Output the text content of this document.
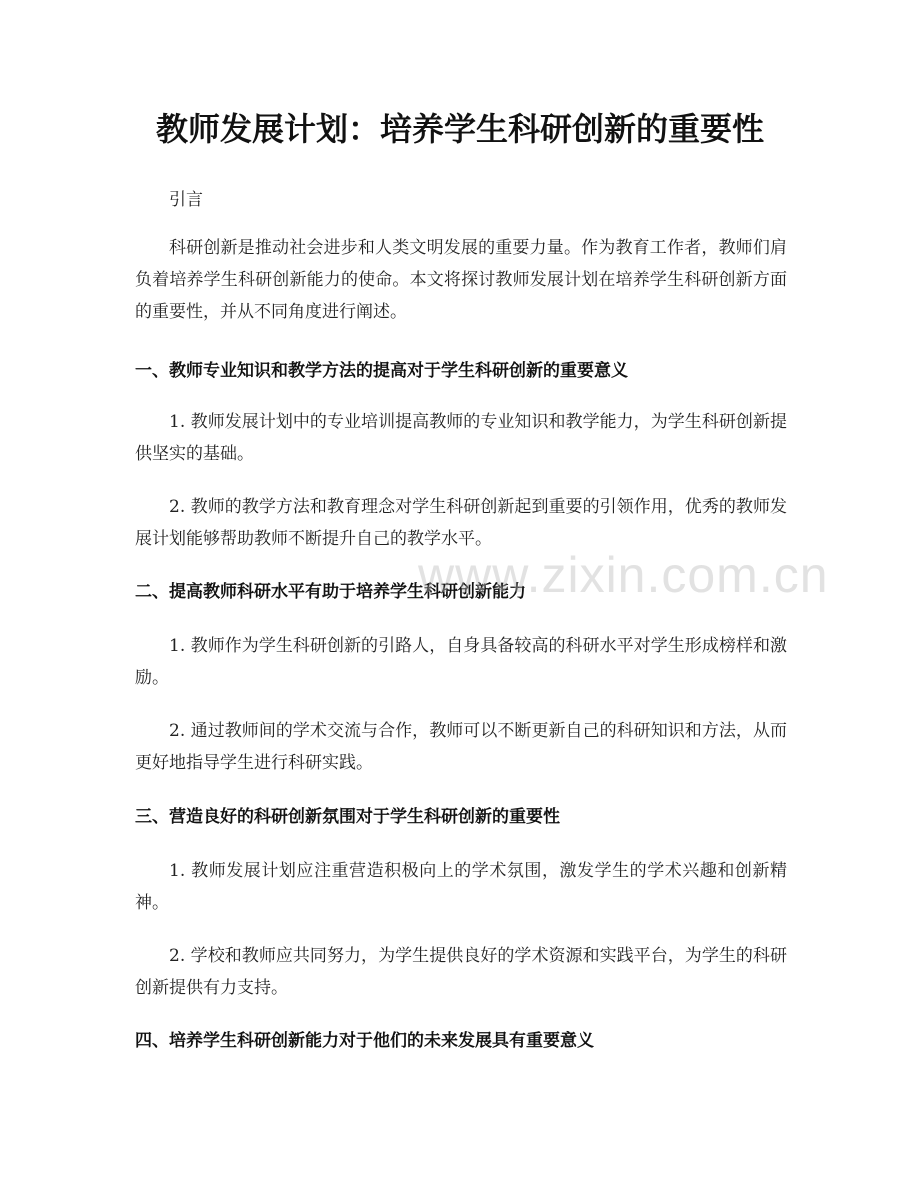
教师发展计划：培养学生科研创新的重要性

引言

科研创新是推动社会进步和人类文明发展的重要力量。作为教育工作者，教师们肩负着培养学生科研创新能力的使命。本文将探讨教师发展计划在培养学生科研创新方面的重要性，并从不同角度进行阐述。

一、教师专业知识和教学方法的提高对于学生科研创新的重要意义

1. 教师发展计划中的专业培训提高教师的专业知识和教学能力，为学生科研创新提供坚实的基础。

2. 教师的教学方法和教育理念对学生科研创新起到重要的引领作用，优秀的教师发展计划能够帮助教师不断提升自己的教学水平。

二、提高教师科研水平有助于培养学生科研创新能力

1. 教师作为学生科研创新的引路人，自身具备较高的科研水平对学生形成榜样和激励。

2. 通过教师间的学术交流与合作，教师可以不断更新自己的科研知识和方法，从而更好地指导学生进行科研实践。

三、营造良好的科研创新氛围对于学生科研创新的重要性

1. 教师发展计划应注重营造积极向上的学术氛围，激发学生的学术兴趣和创新精神。

2. 学校和教师应共同努力，为学生提供良好的学术资源和实践平台，为学生的科研创新提供有力支持。

四、培养学生科研创新能力对于他们的未来发展具有重要意义
www.zixin.com.cn
